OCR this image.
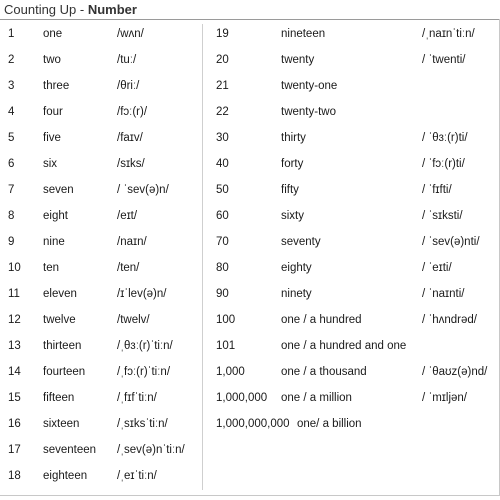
Counting Up - Number
1 one	/wʌn/
2 two	/tuː/
3 three	/θriː/
4 four	/fɔː(r)/
5 five	/faɪv/
6 six	/sɪks/
7 seven	/ ˈsev(ə)n/
8 eight	/eɪt/
9 nine	/naɪn/
10 ten	/ten/
11 eleven	/ɪˈlev(ə)n/
12 twelve	/twelv/
13 thirteen	/ˌθɜː(r)ˈtiːn/
14 fourteen	/ˌfɔː(r)ˈtiːn/
15 fifteen	/ˌfɪfˈtiːn/
16 sixteen	/ˌsɪksˈtiːn/
17 seventeen /ˌsev(ə)nˈtiːn/
18 eighteen	/ˌeɪˈtiːn/
19	nineteen	/ˌnaɪnˈtiːn/
20	twenty	/ ˈtwenti/
21	twenty-one
22	twenty-two
30	thirty	/ ˈθɜː(r)ti/
40	forty	/ ˈfɔː(r)ti/
50	fifty	/ ˈfɪfti/
60	sixty	/ ˈsɪksti/
70	seventy	/ ˈsev(ə)nti/
80	eighty	/ ˈeɪti/
90	ninety	/ ˈnaɪnti/
100	one / a hundred	/ ˈhʌndrəd/
101	one / a hundred and one
1,000	one / a thousand	/ ˈθaʊz(ə)nd/
1,000,000 one / a million	/ ˈmɪljən/
1,000,000,000 one/ a billion
